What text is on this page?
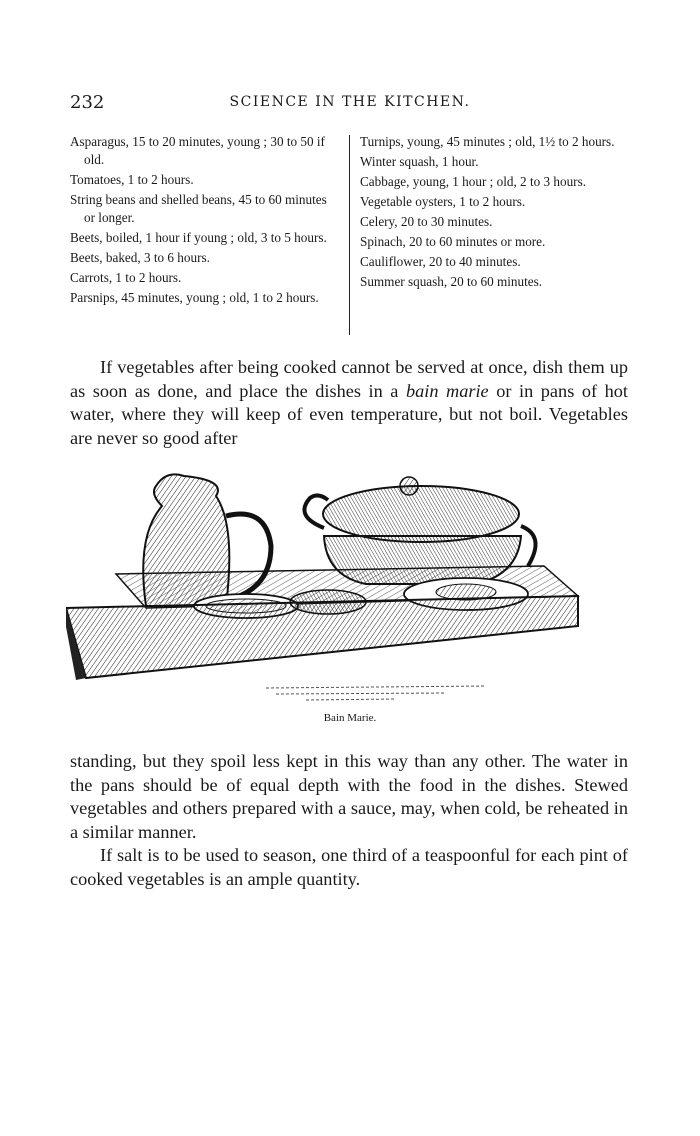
232	SCIENCE IN THE KITCHEN.

Asparagus, 15 to 20 minutes, young ; 30 to 50 if old.

Tomatoes, 1 to 2 hours.

String beans and shelled beans, 45 to 60 minutes or longer.

Beets, boiled, 1 hour if young ; old, 3 to 5 hours.

Beets, baked, 3 to 6 hours.

Carrots, 1 to 2 hours.

Parsnips, 45 minutes, young ; old, 1 to 2 hours.

Turnips, young, 45 minutes ; old, 1½ to 2 hours.

Winter squash, 1 hour.

Cabbage, young, 1 hour ; old, 2 to 3 hours.

Vegetable oysters, 1 to 2 hours.

Celery, 20 to 30 minutes.

Spinach, 20 to 60 minutes or more.

Cauliflower, 20 to 40 minutes.

Summer squash, 20 to 60 minutes.

If vegetables after being cooked cannot be served at once, dish them up as soon as done, and place the dishes in a bain marie or in pans of hot water, where they will keep of even temperature, but not boil. Vegetables are never so good after

Bain Marie.

standing, but they spoil less kept in this way than any other. The water in the pans should be of equal depth with the food in the dishes. Stewed vegetables and others prepared with a sauce, may, when cold, be reheated in a similar manner.

If salt is to be used to season, one third of a teaspoonful for each pint of cooked vegetables is an ample quantity.
